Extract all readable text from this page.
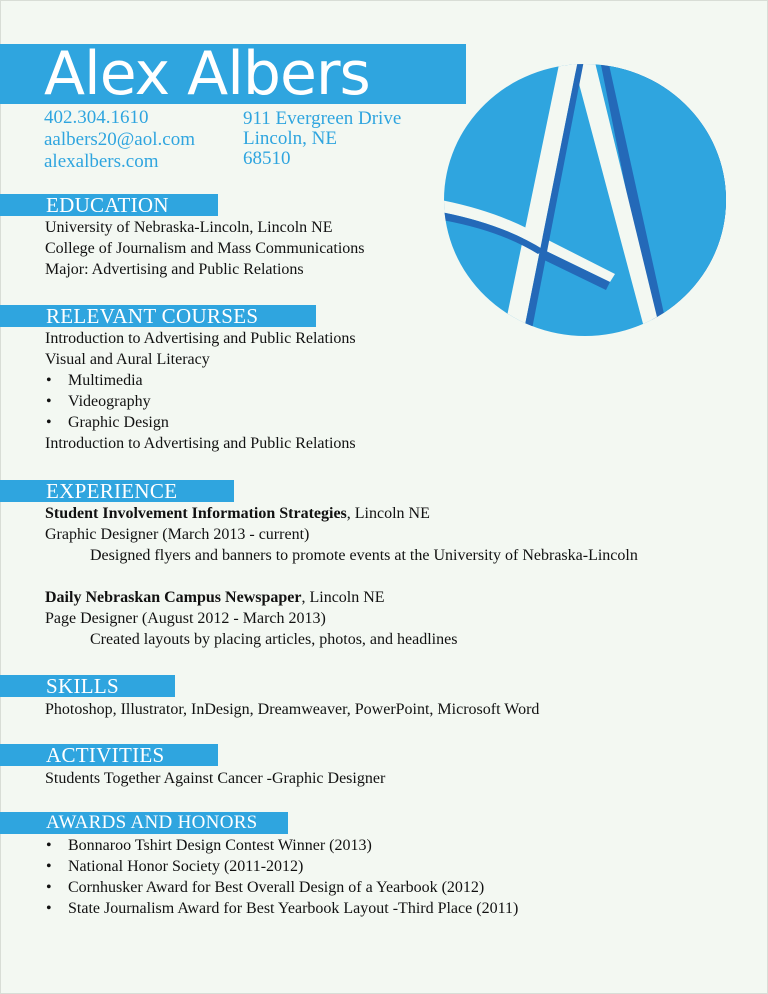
Alex Albers
402.304.1610
aalbers20@aol.com
alexalbers.com
911 Evergreen Drive
Lincoln, NE
68510
EDUCATION
University of Nebraska-Lincoln, Lincoln NE
College of Journalism and Mass Communications
Major: Advertising and Public Relations
RELEVANT COURSES
Introduction to Advertising and Public Relations
Visual and Aural Literacy
• Multimedia
• Videography
• Graphic Design
Introduction to Advertising and Public Relations
EXPERIENCE
Student Involvement Information Strategies, Lincoln NE
Graphic Designer (March 2013 - current)
Designed flyers and banners to promote events at the University of Nebraska-Lincoln
Daily Nebraskan Campus Newspaper, Lincoln NE
Page Designer (August 2012 - March 2013)
Created layouts by placing articles, photos, and headlines
SKILLS
Photoshop, Illustrator, InDesign, Dreamweaver, PowerPoint, Microsoft Word
ACTIVITIES
Students Together Against Cancer -Graphic Designer
AWARDS AND HONORS
• Bonnaroo Tshirt Design Contest Winner (2013)
• National Honor Society (2011-2012)
• Cornhusker Award for Best Overall Design of a Yearbook (2012)
• State Journalism Award for Best Yearbook Layout -Third Place (2011)
